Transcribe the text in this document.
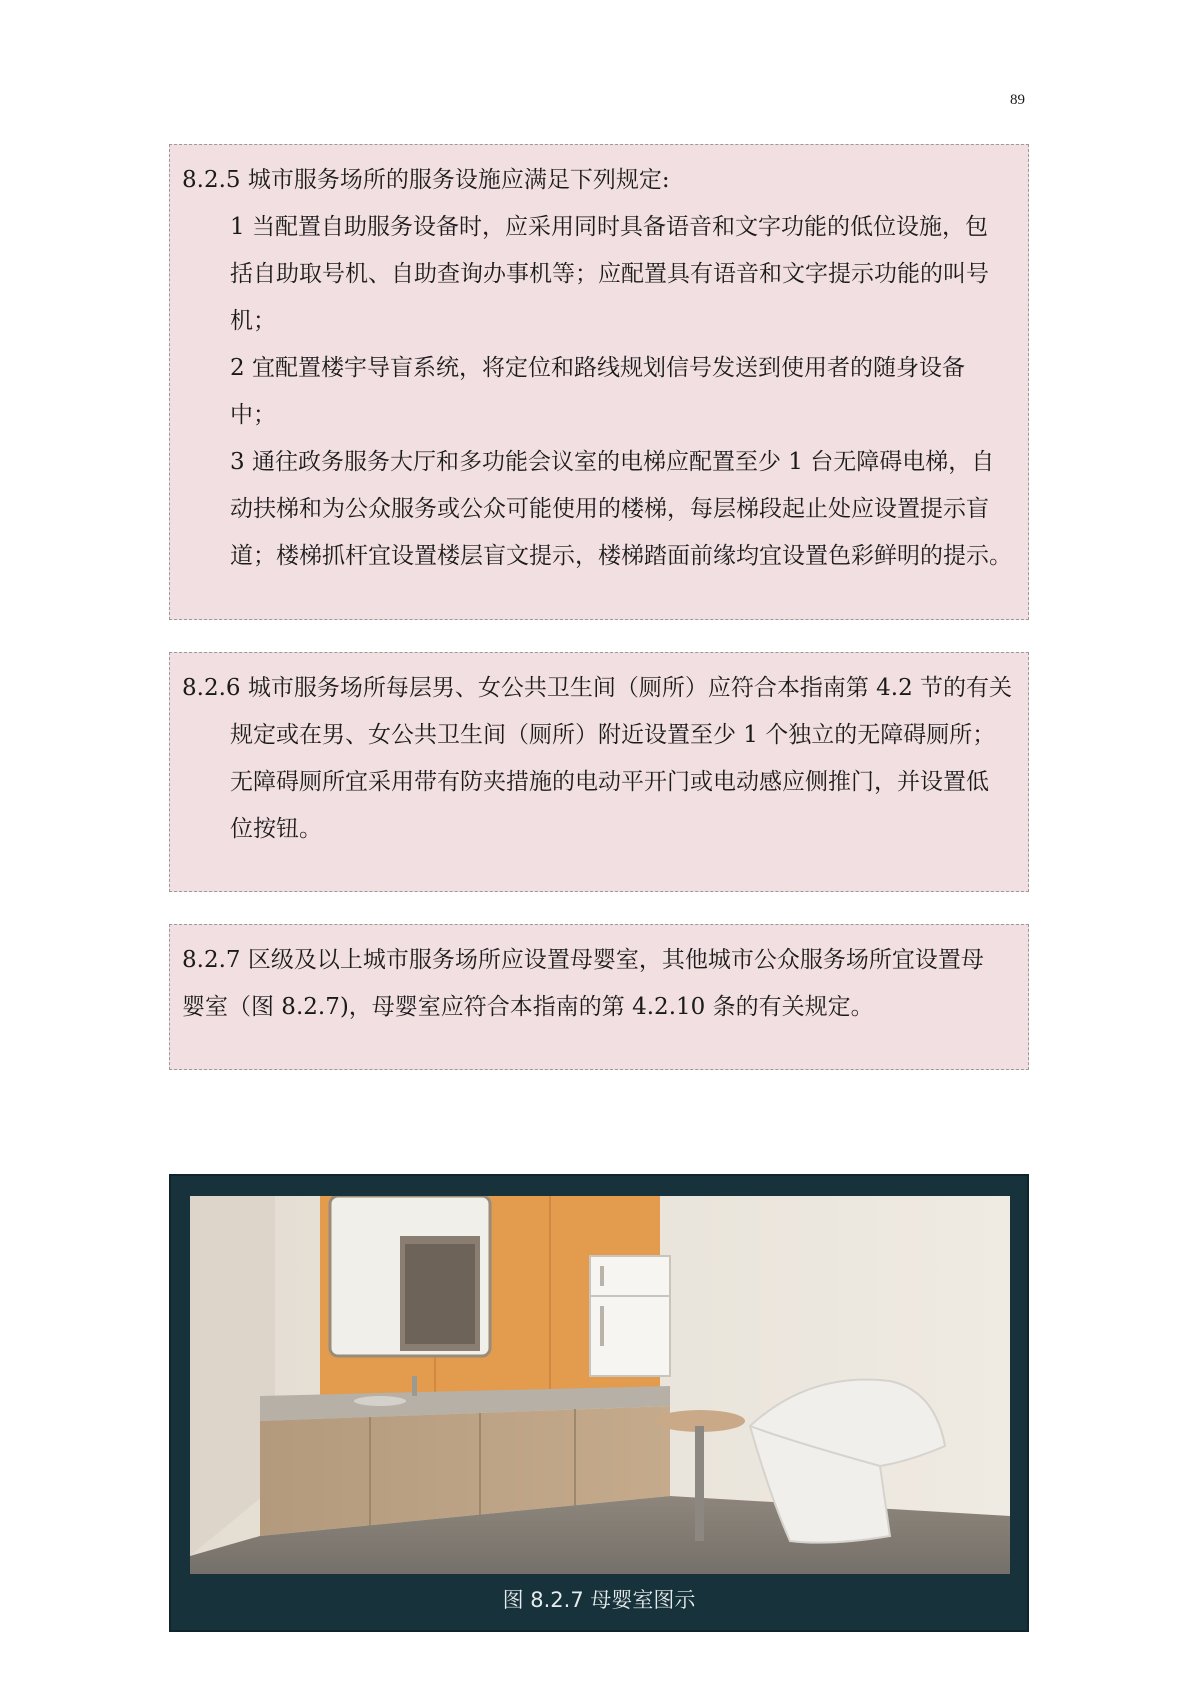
89
8.2.5 城市服务场所的服务设施应满足下列规定:
1 当配置自助服务设备时，应采用同时具备语音和文字功能的低位设施，包
括自助取号机、自助查询办事机等；应配置具有语音和文字提示功能的叫号
机；
2 宜配置楼宇导盲系统，将定位和路线规划信号发送到使用者的随身设备
中；
3 通往政务服务大厅和多功能会议室的电梯应配置至少 1 台无障碍电梯，自
动扶梯和为公众服务或公众可能使用的楼梯，每层梯段起止处应设置提示盲
道；楼梯抓杆宜设置楼层盲文提示，楼梯踏面前缘均宜设置色彩鲜明的提示。
8.2.6 城市服务场所每层男、女公共卫生间（厕所）应符合本指南第 4.2 节的有关
规定或在男、女公共卫生间（厕所）附近设置至少 1 个独立的无障碍厕所；
无障碍厕所宜采用带有防夹措施的电动平开门或电动感应侧推门，并设置低
位按钮。
8.2.7 区级及以上城市服务场所应设置母婴室，其他城市公众服务场所宜设置母
婴室（图 8.2.7)，母婴室应符合本指南的第 4.2.10 条的有关规定。
图 8.2.7 母婴室图示
